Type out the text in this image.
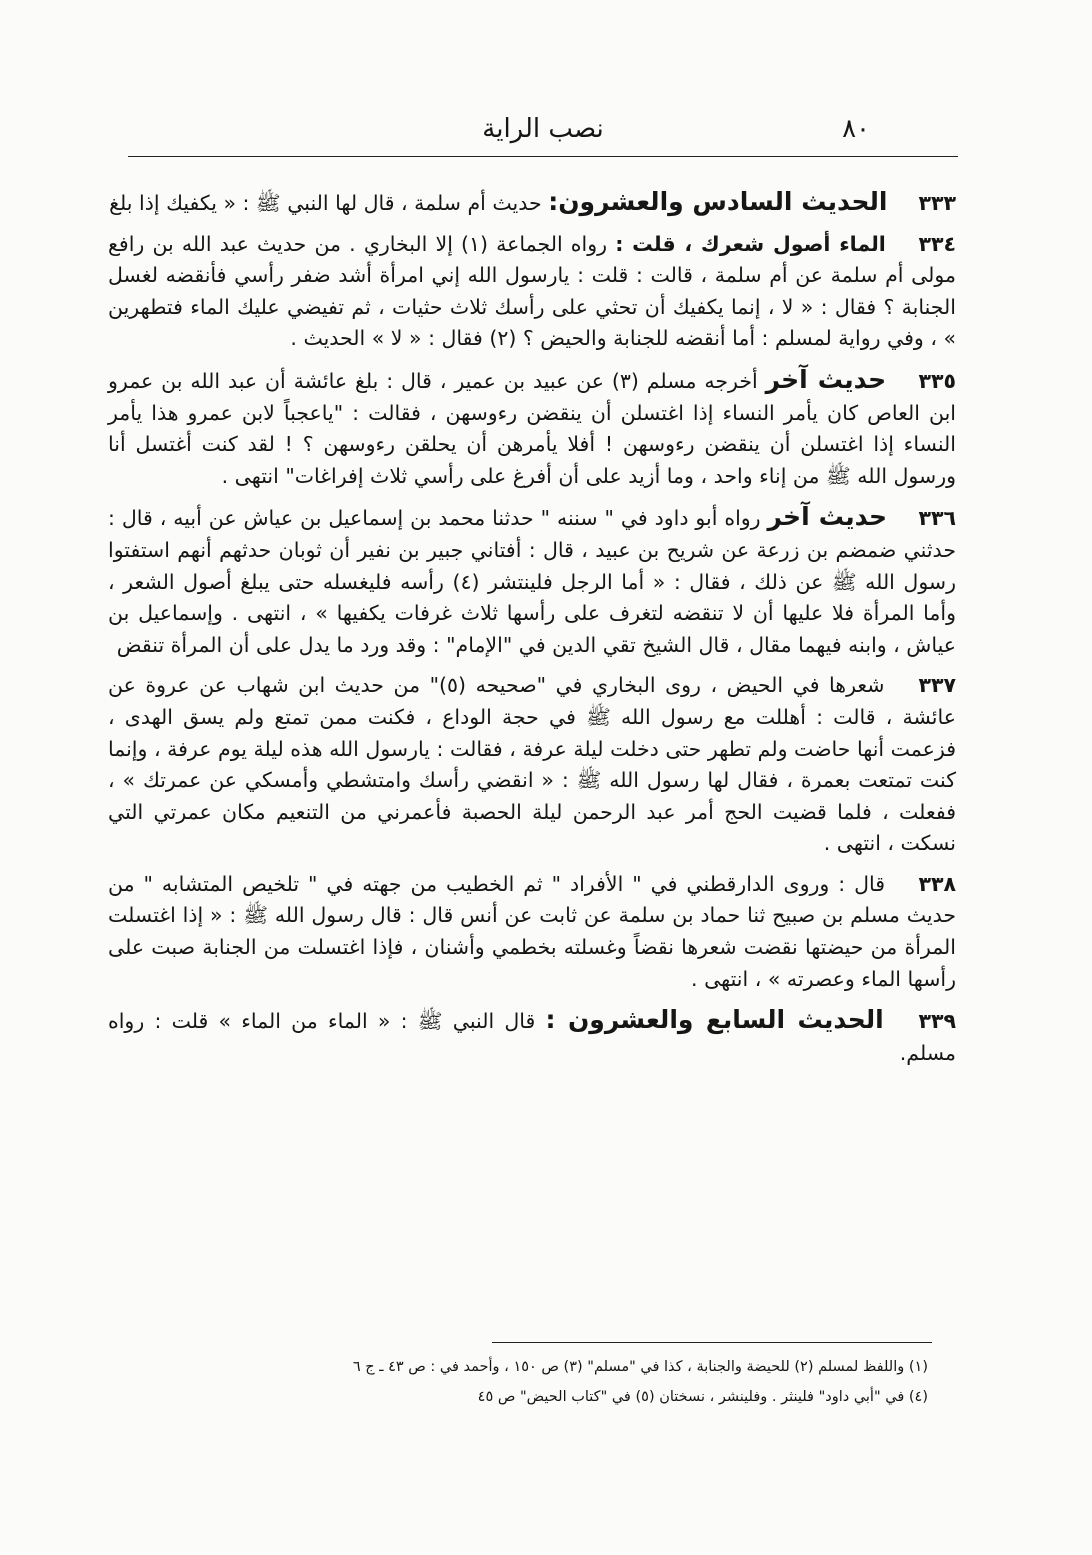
٨٠
نصب الراية

٣٣٣ الحديث السادس والعشرون: حديث أم سلمة ، قال لها النبي ﷺ : « يكفيك إذا بلغ

٣٣٤ الماء أصول شعرك ، قلت : رواه الجماعة (١) إلا البخاري . من حديث عبد الله بن رافع مولى أم سلمة عن أم سلمة ، قالت : قلت : يارسول الله إني امرأة أشد ضفر رأسي فأنقضه لغسل الجنابة ؟ فقال : « لا ، إنما يكفيك أن تحثي على رأسك ثلاث حثيات ، ثم تفيضي عليك الماء فتطهرين » ، وفي رواية لمسلم : أما أنقضه للجنابة والحيض ؟ (٢) فقال : « لا » الحديث .

٣٣٥ حديث آخر أخرجه مسلم (٣) عن عبيد بن عمير ، قال : بلغ عائشة أن عبد الله بن عمرو ابن العاص كان يأمر النساء إذا اغتسلن أن ينقضن رءوسهن ، فقالت : "ياعجباً لابن عمرو هذا يأمر النساء إذا اغتسلن أن ينقضن رءوسهن ! أفلا يأمرهن أن يحلقن رءوسهن ؟ ! لقد كنت أغتسل أنا ورسول الله ﷺ من إناء واحد ، وما أزيد على أن أفرغ على رأسي ثلاث إفراغات" انتهى .

٣٣٦ حديث آخر رواه أبو داود في " سننه " حدثنا محمد بن إسماعيل بن عياش عن أبيه ، قال : حدثني ضمضم بن زرعة عن شريح بن عبيد ، قال : أفتاني جبير بن نفير أن ثوبان حدثهم أنهم استفتوا رسول الله ﷺ عن ذلك ، فقال : « أما الرجل فلينتشر (٤) رأسه فليغسله حتى يبلغ أصول الشعر ، وأما المرأة فلا عليها أن لا تنقضه لتغرف على رأسها ثلاث غرفات يكفيها » ، انتهى . وإسماعيل بن عياش ، وابنه فيهما مقال ، قال الشيخ تقي الدين في "الإمام" : وقد ورد ما يدل على أن المرأة تنقض

٣٣٧ شعرها في الحيض ، روى البخاري في "صحيحه (٥)" من حديث ابن شهاب عن عروة عن عائشة ، قالت : أهللت مع رسول الله ﷺ في حجة الوداع ، فكنت ممن تمتع ولم يسق الهدى ، فزعمت أنها حاضت ولم تطهر حتى دخلت ليلة عرفة ، فقالت : يارسول الله هذه ليلة يوم عرفة ، وإنما كنت تمتعت بعمرة ، فقال لها رسول الله ﷺ : « انقضي رأسك وامتشطي وأمسكي عن عمرتك » ، ففعلت ، فلما قضيت الحج أمر عبد الرحمن ليلة الحصبة فأعمرني من التنعيم مكان عمرتي التي نسكت ، انتهى .

٣٣٨ قال : وروى الدارقطني في " الأفراد " ثم الخطيب من جهته في " تلخيص المتشابه " من حديث مسلم بن صبيح ثنا حماد بن سلمة عن ثابت عن أنس قال : قال رسول الله ﷺ : « إذا اغتسلت المرأة من حيضتها نقضت شعرها نقضاً وغسلته بخطمي وأشنان ، فإذا اغتسلت من الجنابة صبت على رأسها الماء وعصرته » ، انتهى .

٣٣٩ الحديث السابع والعشرون : قال النبي ﷺ : « الماء من الماء » قلت : رواه مسلم.

(١) واللفظ لمسلم (٢) للحيضة والجنابة ، كذا في "مسلم" (٣) ص ١٥٠ ، وأحمد في : ص ٤٣ ـ ج ٦
(٤) في "أبي داود" فلينثر . وفلينشر ، نسختان (٥) في "كتاب الحيض" ص ٤٥
